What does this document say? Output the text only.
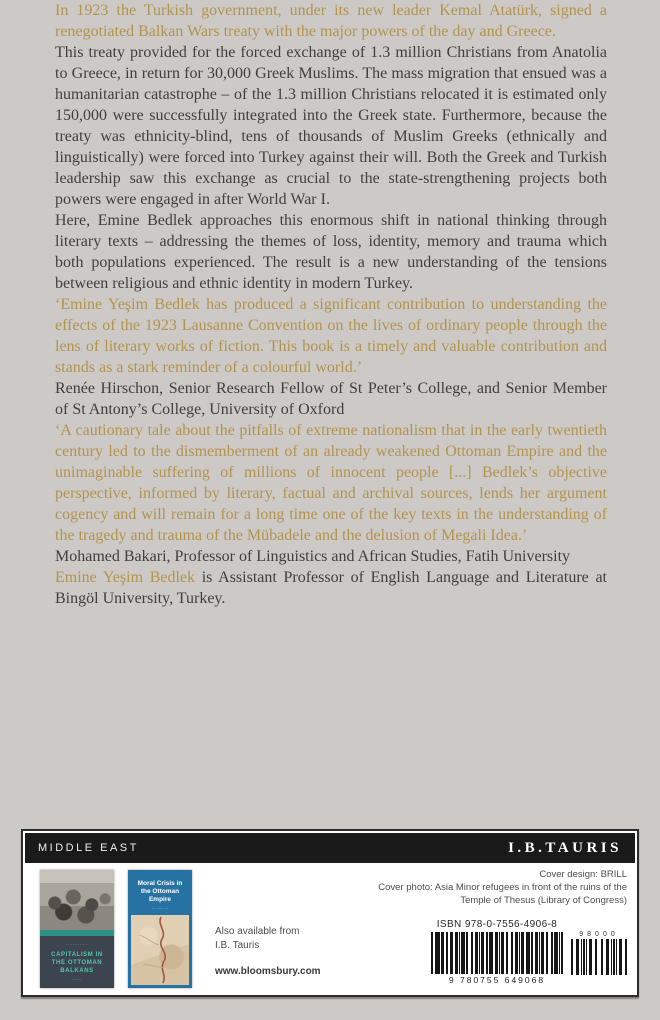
In 1923 the Turkish government, under its new leader Kemal Atatürk, signed a renegotiated Balkan Wars treaty with the major powers of the day and Greece.

This treaty provided for the forced exchange of 1.3 million Christians from Anatolia to Greece, in return for 30,000 Greek Muslims. The mass migration that ensued was a humanitarian catastrophe – of the 1.3 million Christians relocated it is estimated only 150,000 were successfully integrated into the Greek state. Furthermore, because the treaty was ethnicity-blind, tens of thousands of Muslim Greeks (ethnically and linguistically) were forced into Turkey against their will. Both the Greek and Turkish leadership saw this exchange as crucial to the state-strengthening projects both powers were engaged in after World War I.

Here, Emine Bedlek approaches this enormous shift in national thinking through literary texts – addressing the themes of loss, identity, memory and trauma which both populations experienced. The result is a new understanding of the tensions between religious and ethnic identity in modern Turkey.

‘Emine Yeşim Bedlek has produced a significant contribution to understanding the effects of the 1923 Lausanne Convention on the lives of ordinary people through the lens of literary works of fiction. This book is a timely and valuable contribution and stands as a stark reminder of a colourful world.’

Renée Hirschon, Senior Research Fellow of St Peter’s College, and Senior Member of St Antony’s College, University of Oxford

‘A cautionary tale about the pitfalls of extreme nationalism that in the early twentieth century led to the dismemberment of an already weakened Ottoman Empire and the unimaginable suffering of millions of innocent people [...] Bedlek’s objective perspective, informed by literary, factual and archival sources, lends her argument cogency and will remain for a long time one of the key texts in the understanding of the tragedy and trauma of the Mübadele and the delusion of Megali Idea.’

Mohamed Bakari, Professor of Linguistics and African Studies, Fatih University

Emine Yeşim Bedlek is Assistant Professor of English Language and Literature at Bingöl University, Turkey.

MIDDLE EAST	I.B.TAURIS
·············
CAPITALISM IN THE OTTOMAN BALKANS
·········
Moral Crisis in the Ottoman Empire
··············
Also available from
I.B. Tauris
www.bloomsbury.com
Cover design: BRILL
Cover photo: Asia Minor refugees in front of the ruins of the
Temple of Thesus (Library of Congress)
ISBN 978-0-7556-4906-8
9 780755 649068
98000
